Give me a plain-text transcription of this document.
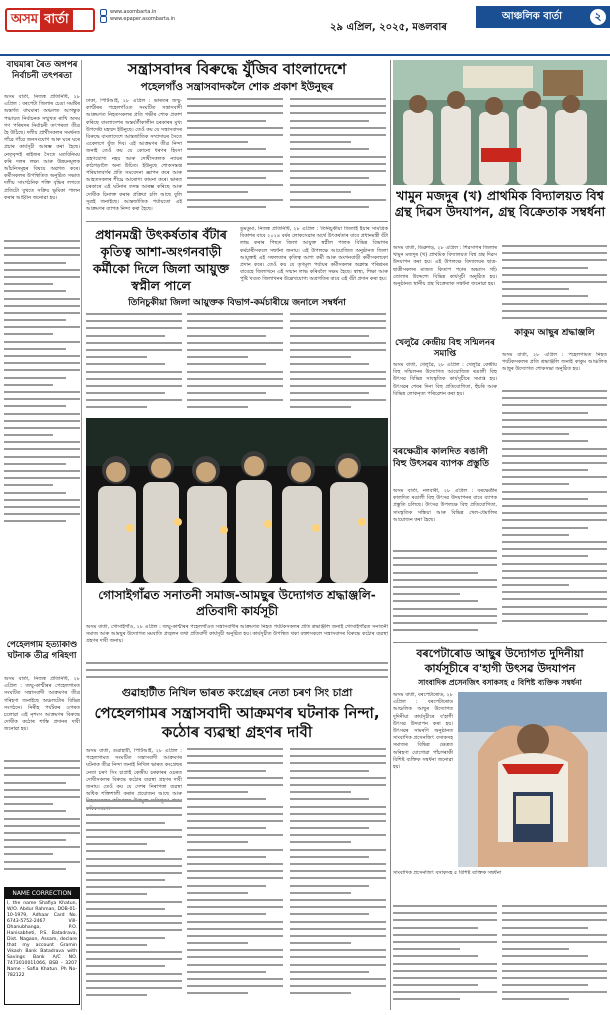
অসম বাৰ্তা	www.asombarta.in
www.epaper.asombarta.in
২৯ এপ্ৰিল, ২০২৫, মঙলবাৰ
আঞ্চলিক বাৰ্তা	২
বাঘমাৰা ৰৈত অগপৰ নিৰ্বাচনী তৎপৰতা
অসম বাৰ্তা, নিজস্ব প্ৰতিনিধি, ২৮ এপ্ৰিল : বৰপেটা জিলাৰ চেঙা সমষ্টিৰ অন্তৰ্গত বাঘমাৰা অঞ্চলত আগন্তুক পঞ্চায়ত নিৰ্বাচনক সন্মুখত ৰাখি অসম গণ পৰিষদৰ নিৰ্বাচনী তৎপৰতা তীব্ৰ হৈ উঠিছে। দলীয় প্ৰাৰ্থীসকলৰ সমৰ্থনত গাঁৱে গাঁৱে জনসংযোগ আৰু ঘৰে ঘৰে প্ৰচাৰ কাৰ্যসূচী আৰম্ভ কৰা হৈছে। নেতৃবৃন্দই ৰাইজৰ সৈতে মতবিনিময় কৰি দলৰ লক্ষ্য আৰু উন্নয়নমূলক আঁচনিসমূহৰ বিষয়ে অৱগত কৰে। কৰ্মীসকলৰ উপস্থিতিত অনুষ্ঠিত সভাত দলীয় সাংগঠনিক শক্তি বৃদ্ধিৰ লগতে প্ৰতিটো বুথতে সক্ৰিয় ভূমিকা পালন কৰাৰ আহ্বান জনোৱা হয়।
পেহেলগাম হত্যাকাণ্ড ঘটনাক তীব্ৰ গৰিহণা
অসম বাৰ্তা, নিজস্ব প্ৰতিনিধি, ২৮ এপ্ৰিল : জম্মু-কাশ্মীৰৰ পেহেলগামত সংঘটিত সন্ত্ৰাসবাদী আক্ৰমণৰ তীব্ৰ গৰিহণা জনাইছে অঞ্চলটোৰ বিভিন্ন সংগঠনে। নিৰীহ পৰ্যটকৰ ওপৰত চলোৱা এই নৃশংস আক্ৰমণৰ বিৰুদ্ধে দোষীক কঠোৰ শাস্তি প্ৰদানৰ দাবী জনোৱা হয়।
NAME CORRECTION
I, the name Shafiya Khatun, W/O. Abdur Rahman, DOB-01-10-1979, Adhaar Card No. 6743-5752-2467 Vill- Dhanubhanga, P.O. Hanisabheti, P.S. Batadrava, Dist. Nagaon, Assam, declare that my account Gramin Vikash Bank Batadrava with Savings Bank A/C NO. 7473010011066, BSB - 3207 Name - Safia Khatun. Ph No-782122
সন্ত্ৰাসবাদৰ বিৰুদ্ধে যুঁজিব বাংলাদেশে
পহেলগাঁও সন্ত্ৰাসবাদকলৈ শোক প্ৰকাশ ইউনুছৰ
ঢাকা, পিটিআই, ২৮ এপ্ৰিল : ভাৰতৰ জম্মু-কাশ্মীৰৰ পহেলগাঁওত সংঘটিত সন্ত্ৰাসবাদী আক্ৰমণত নিহতসকলৰ প্ৰতি গভীৰ শোক প্ৰকাশ কৰিছে বাংলাদেশৰ অন্তৰ্বৰ্তীকালীন চৰকাৰৰ মুখ্য উপদেষ্টা মহম্মদ ইউনুছে। তেওঁ কয় যে সন্ত্ৰাসবাদৰ বিৰুদ্ধে বাংলাদেশে আন্তৰ্জাতিক সম্প্ৰদায়ৰ সৈতে একেলগে যুঁজ দিব। এই আক্ৰমণৰ তীব্ৰ নিন্দা জনাই তেওঁ কয় যে কোনো ধৰণৰ হিংসা গ্ৰহণযোগ্য নহয় আৰু দোষীসকলক ন্যায়ৰ কাঠগড়ালৈ অনা উচিত। ইউনুছে শোকসন্তপ্ত পৰিয়ালবৰ্গৰ প্ৰতি সমবেদনা জ্ঞাপন কৰে আৰু আহতসকলৰ শীঘ্ৰে আৰোগ্য কামনা কৰে। ভাৰত চৰকাৰে এই ঘটনাৰ তদন্ত আৰম্ভ কৰিছে আৰু দোষীক চিনাক্ত কৰাৰ প্ৰক্ৰিয়া চলি আছে বুলি সূত্ৰই জনাইছে। আন্তৰ্জাতিক পৰ্যায়তো এই আক্ৰমণৰ ব্যাপক নিন্দা কৰা হৈছে।
প্ৰধানমন্ত্ৰী উৎকৰ্ষতাৰ বঁটাৰ কৃতিত্ব আশা-অংগনবাড়ী কৰ্মীকো দিলে জিলা আয়ুক্ত স্বপ্নীল পালে
তিনিচুকীয়া জিলা আয়ুক্তক বিভাগ-কৰ্মচাৰীয়ে জনালে সম্বৰ্ধনা
ডুমডুমা, নিজস্ব প্ৰতিনিধি, ২৮ এপ্ৰিল : তিনিচুকীয়া জিলাই ইয়াৰ সামগ্ৰিক বিকাশৰ বাবে ২০২৪ বৰ্ষৰ লোকসেৱাৰ অৰ্থে উৎকৰ্ষতাৰ বাবে প্ৰধানমন্ত্ৰী বঁটা লাভ কৰাৰ পিছত জিলা আয়ুক্ত স্বপ্নীল পালক বিভিন্ন বিভাগৰ কৰ্মচাৰীসকলে সম্বৰ্ধনা জনায়। এই উপলক্ষে আয়োজিত অনুষ্ঠানত জিলা আয়ুক্তই এই সফলতাৰ কৃতিত্ব আশা কৰ্মী আৰু অংগনবাড়ী কৰ্মীসকলকো প্ৰদান কৰে। তেওঁ কয় যে তৃণমূল পৰ্যায়ৰ কৰ্মীসকলৰ অক্লান্ত পৰিশ্ৰমৰ বাবেহে জিলাখনে এই সন্মান লাভ কৰিবলৈ সক্ষম হৈছে। স্বাস্থ্য, শিক্ষা আৰু পুষ্টি খণ্ডত জিলাখনৰ উল্লেখযোগ্য অগ্ৰগতিৰ বাবে এই বঁটা প্ৰদান কৰা হয়।
গোসাইগাঁৱত সনাতনী সমাজ-আমছুৰ উদ্যোগত শ্ৰদ্ধাঞ্জলি-প্ৰতিবাদী কাৰ্যসূচী
অসম বাৰ্তা, গোসাইগাঁও, ২৮ এপ্ৰিল : জম্মু-কাশ্মীৰৰ পহেলগাঁওত সন্ত্ৰাসবাদীৰ আক্ৰমণত নিহত পৰ্যটকসকলৰ প্ৰতি শ্ৰদ্ধাঞ্জলি জনাই গোসাইগাঁৱত সনাতনী সমাজ আৰু আমছুৰ উদ্যোগত মমবাতি প্ৰজ্বলন তথা প্ৰতিবাদী কাৰ্যসূচী অনুষ্ঠিত হয়। কাৰ্যসূচীত উপস্থিত থকা বক্তাসকলে সন্ত্ৰাসবাদৰ বিৰুদ্ধে কঠোৰ ব্যৱস্থা গ্ৰহণৰ দাবী জনায়।
গুৱাহাটীত নিখিল ভাৰত কংগ্ৰেছৰ নেতা চৰণ সিং চাপ্ৰা
পেহেলগামৰ সন্ত্ৰাসবাদী আক্ৰমণৰ ঘটনাক নিন্দা, কঠোৰ ব্যৱস্থা গ্ৰহণৰ দাবী
অসম বাৰ্তা, গুৱাহাটী, পিটিআই, ২৮ এপ্ৰিল : পহেলগামত সংঘটিত সন্ত্ৰাসবাদী আক্ৰমণৰ ঘটনাক তীব্ৰ নিন্দা জনাই নিখিল ভাৰত কংগ্ৰেছৰ নেতা চৰণ সিং চাপ্ৰাই কেন্দ্ৰীয় চৰকাৰৰ ওচৰত দোষীসকলৰ বিৰুদ্ধে কঠোৰ ব্যৱস্থা গ্ৰহণৰ দাবী জনায়। তেওঁ কয় যে দেশৰ নিৰাপত্তা ব্যৱস্থা অধিক শক্তিশালী কৰাৰ প্ৰয়োজন আছে আৰু
খামুন মজদুৰ (খ) প্ৰাথমিক বিদ্যালয়ত বিশ্ব গ্ৰন্থ দিৱস উদযাপন, গ্ৰন্থ বিক্ৰেতাক সম্বৰ্ধনা
অসম বাৰ্তা, ডিব্ৰুগড়, ২৮ এপ্ৰিল : শিৱসাগৰ জিলাৰ খামুন মজদুৰ (খ) প্ৰাথমিক বিদ্যালয়ত বিশ্ব গ্ৰন্থ দিৱস উদযাপন কৰা হয়। এই উপলক্ষে বিদ্যালয়ৰ ছাত্ৰ-ছাত্ৰীসকলৰ মাজত কিতাপ পঢ়াৰ অভ্যাস গঢ়ি তোলাৰ উদ্দেশ্যে বিভিন্ন কাৰ্যসূচী অনুষ্ঠিত হয়। অনুষ্ঠানত স্থানীয় গ্ৰন্থ বিক্ৰেতাক সম্বৰ্ধনা জনোৱা হয়।
খেলুৱৈ কেন্দ্ৰীয় বিহু সন্মিলনৰ সমাপ্তি
অসম বাৰ্তা, খেলুৱৈ, ২৮ এপ্ৰিল : খেলুৱৈ কেন্দ্ৰীয় বিহু সন্মিলনৰ উদ্যোগত আয়োজিত ৰঙালী বিহু উৎসৱ বিভিন্ন সাংস্কৃতিক কাৰ্যসূচীৰে সমাপ্ত হয়। উৎসৱৰ শেষৰ দিনা বিহু প্ৰতিযোগিতা, হুঁচৰি আৰু বিভিন্ন লোকনৃত্য পৰিৱেশন কৰা হয়।
কাকুম আছুৰ শ্ৰদ্ধাঞ্জলি
অসম বাৰ্তা, ২৮ এপ্ৰিল : পহেলগামত নিহত পৰ্যটকসকলৰ প্ৰতি শ্ৰদ্ধাঞ্জলি জনাই কাকুম আঞ্চলিক আছুৰ উদ্যোগত শোকসভা অনুষ্ঠিত হয়।
বৰক্ষেত্ৰীৰ কালদিত ৰঙালী বিহু উৎসৱৰ ব্যাপক প্ৰস্তুতি
অসম বাৰ্তা, নলবাৰী, ২৮ এপ্ৰিল : বৰক্ষেত্ৰীৰ কালদিত ৰঙালী বিহু উৎসৱ উদযাপনৰ বাবে ব্যাপক প্ৰস্তুতি চলিছে। উৎসৱ উপলক্ষে বিহু প্ৰতিযোগিতা, সাংস্কৃতিক সন্ধিয়া আৰু বিভিন্ন খেল-ধেমালিৰ আয়োজন কৰা হৈছে।
বৰপেটাৰোড আছুৰ উদ্যোগত দুদিনীয়া কাৰ্যসূচীৰে ব'হাগী উৎসৱ উদযাপন
সাংবাদিক প্ৰসেনজিৎ বসাকসহ ৫ বিশিষ্ট ব্যক্তিক সম্বৰ্ধনা
অসম বাৰ্তা, বৰপেটাৰোড, ২৮ এপ্ৰিল : বৰপেটাৰোড আঞ্চলিক আছুৰ উদ্যোগত দুদিনীয়া কাৰ্যসূচীৰে ব'হাগী উৎসৱ উদযাপন কৰা হয়। উৎসৱৰ সামৰণি অনুষ্ঠানত সাংবাদিক প্ৰসেনজিৎ বসাকসহ সমাজৰ বিভিন্ন ক্ষেত্ৰত অৰিহণা যোগোৱা পাঁচগৰাকী বিশিষ্ট ব্যক্তিক সম্বৰ্ধনা জনোৱা হয়।
সাংবাদিক প্ৰসেনজিৎ বসাকসহ ৫ বিশিষ্ট ব্যক্তিক সম্বৰ্ধনা
